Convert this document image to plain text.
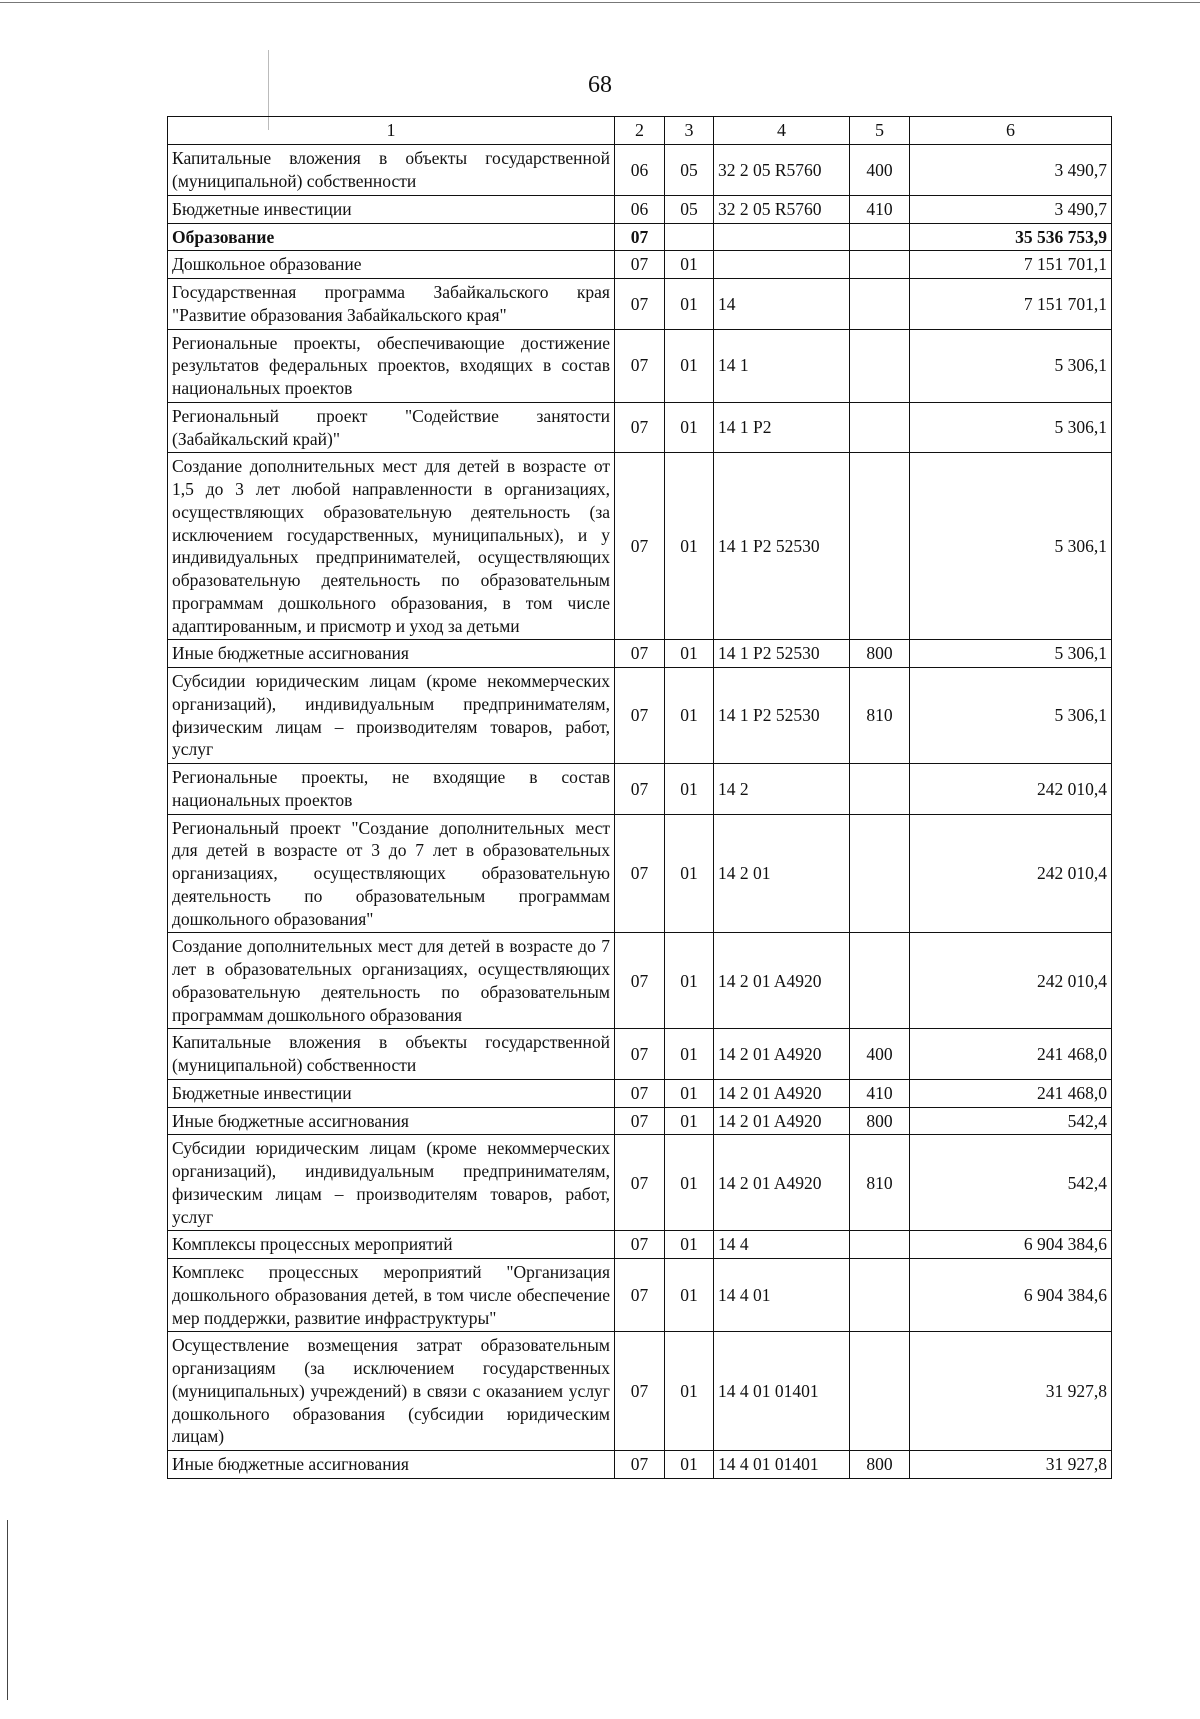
68
1	2	3	4	5	6
Капитальные вложения в объекты государственной (муниципальной) собственности	06	05	32 2 05 R5760	400	3 490,7
Бюджетные инвестиции	06	05	32 2 05 R5760	410	3 490,7
Образование	07				35 536 753,9
Дошкольное образование	07	01			7 151 701,1
Государственная программа Забайкальского края "Развитие образования Забайкальского края"	07	01	14		7 151 701,1
Региональные проекты, обеспечивающие достижение результатов федеральных проектов, входящих в состав национальных проектов	07	01	14 1		5 306,1
Региональный проект "Содействие занятости (Забайкальский край)"	07	01	14 1 P2		5 306,1
Создание дополнительных мест для детей в возрасте от 1,5 до 3 лет любой направленности в организациях, осуществляющих образовательную деятельность (за исключением государственных, муниципальных), и у индивидуальных предпринимателей, осуществляющих образовательную деятельность по образовательным программам дошкольного образования, в том числе адаптированным, и присмотр и уход за детьми	07	01	14 1 P2 52530		5 306,1
Иные бюджетные ассигнования	07	01	14 1 P2 52530	800	5 306,1
Субсидии юридическим лицам (кроме некоммерческих организаций), индивидуальным предпринимателям, физическим лицам – производителям товаров, работ, услуг	07	01	14 1 P2 52530	810	5 306,1
Региональные проекты, не входящие в состав национальных проектов	07	01	14 2		242 010,4
Региональный проект "Создание дополнительных мест для детей в возрасте от 3 до 7 лет в образовательных организациях, осуществляющих образовательную деятельность по образовательным программам дошкольного образования"	07	01	14 2 01		242 010,4
Создание дополнительных мест для детей в возрасте до 7 лет в образовательных организациях, осуществляющих образовательную деятельность по образовательным программам дошкольного образования	07	01	14 2 01 A4920		242 010,4
Капитальные вложения в объекты государственной (муниципальной) собственности	07	01	14 2 01 A4920	400	241 468,0
Бюджетные инвестиции	07	01	14 2 01 A4920	410	241 468,0
Иные бюджетные ассигнования	07	01	14 2 01 A4920	800	542,4
Субсидии юридическим лицам (кроме некоммерческих организаций), индивидуальным предпринимателям, физическим лицам – производителям товаров, работ, услуг	07	01	14 2 01 A4920	810	542,4
Комплексы процессных мероприятий	07	01	14 4		6 904 384,6
Комплекс процессных мероприятий "Организация дошкольного образования детей, в том числе обеспечение мер поддержки, развитие инфраструктуры"	07	01	14 4 01		6 904 384,6
Осуществление возмещения затрат образовательным организациям (за исключением государственных (муниципальных) учреждений) в связи с оказанием услуг дошкольного образования (субсидии юридическим лицам)	07	01	14 4 01 01401		31 927,8
Иные бюджетные ассигнования	07	01	14 4 01 01401	800	31 927,8
